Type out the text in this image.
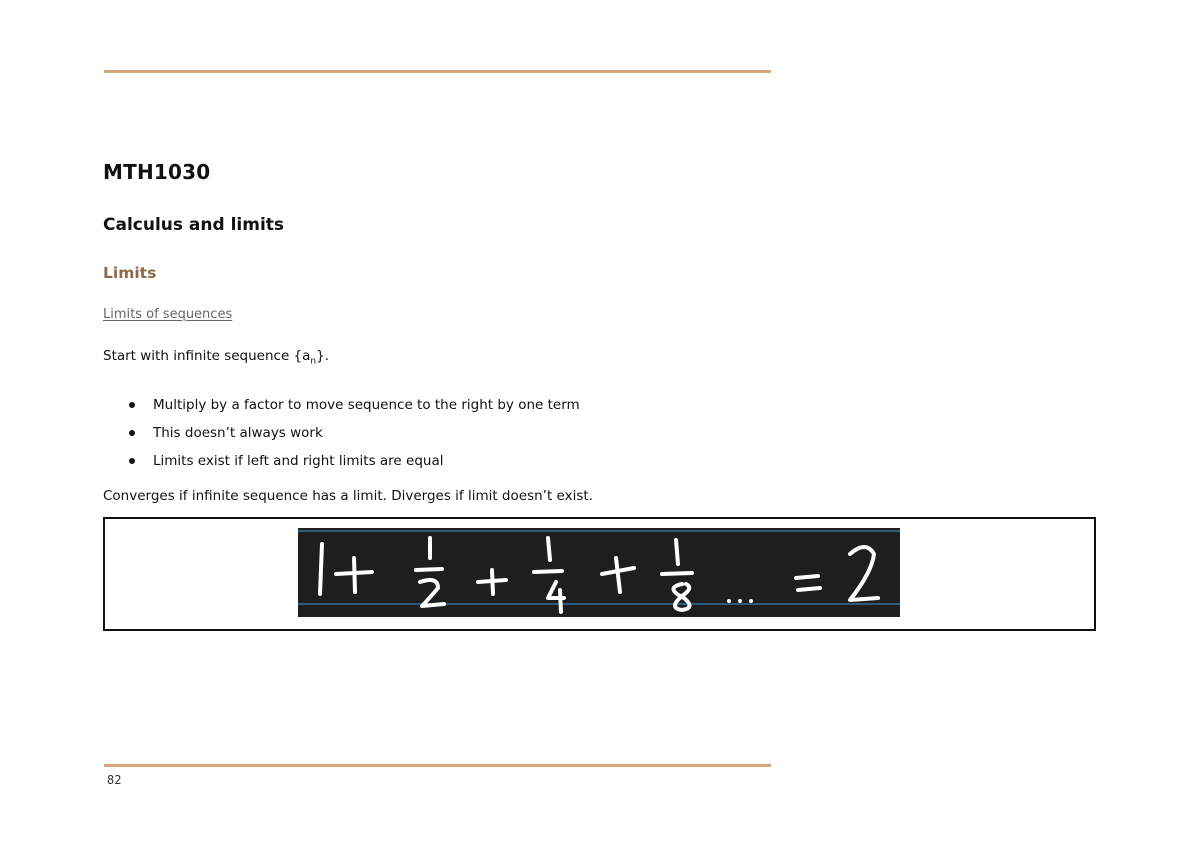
MTH1030
Calculus and limits
Limits

Limits of sequences

Start with infinite sequence $\{a_n\}$.

Multiply by a factor to move sequence to the right by one term
This doesn’t always work
Limits exist if left and right limits are equal

Converges if infinite sequence has a limit. Diverges if limit doesn’t exist.

82
